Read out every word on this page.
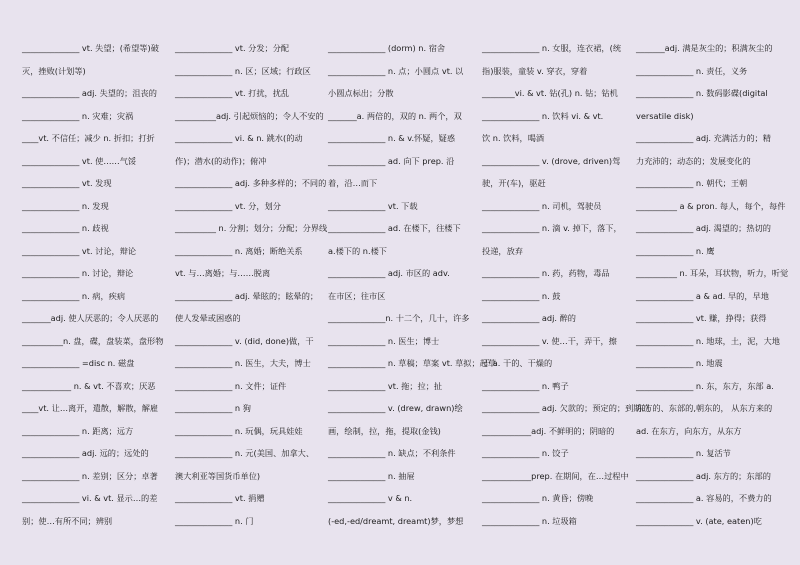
______________ vt. 失望；(希望等)破
灭，挫败(计划等)
______________ adj. 失望的；沮丧的
______________ n. 灾难；灾祸
____vt. 不信任；减少 n. 折扣；打折
______________ vt. 使……气馁
______________ vt. 发现
______________ n. 发现
______________ n. 歧视
______________ vt. 讨论，辩论
______________ n. 讨论，辩论
______________ n. 病，疾病
_______adj. 使人厌恶的；令人厌恶的
__________n. 盘，碟，盘装菜，盘形物
______________ =disc n. 磁盘
____________ n. & vt. 不喜欢；厌恶
____vt. 让…离开，遣散，解散，解雇
______________ n. 距离；远方
______________ adj. 远的；远处的
______________ n. 差别；区分；卓著
______________ vi. & vt. 显示…的差
别；使…有所不同；辨别
______________ vt. 分发；分配
______________ n. 区；区域；行政区
______________ vt. 打扰，扰乱
__________adj. 引起烦恼的；令人不安的
______________ vi. & n. 跳水(的动
作)；潜水(的动作)；俯冲
______________ adj. 多种多样的；不同的
______________ vt. 分，划分
__________ n. 分割；划分；分配；分界线
______________ n. 离婚；断绝关系
vt. 与…离婚；与……脱离
______________ adj. 晕眩的；眩晕的；
使人发晕或困惑的
______________ v. (did, done)做，干
______________ n. 医生，大夫，博士
______________ n. 文件；证件
______________ n 狗
______________ n. 玩偶，玩具娃娃
______________ n. 元(美国、加拿大、
澳大利亚等国货币单位)
______________ vt. 捐赠
______________ n. 门
______________ (dorm) n. 宿舍
______________ n. 点；小圆点 vt. 以
小圆点标出；分散
_______a. 两倍的，双的 n. 两个，双
______________ n. & v.怀疑，疑惑
______________ ad. 向下 prep. 沿
着，沿…而下
______________ vt. 下载
______________ ad. 在楼下，往楼下
a.楼下的 n.楼下
______________ adj. 市区的 adv.
在市区；往市区
______________n. 十二个，几十，许多
______________ n. 医生；博士
______________ n. 草稿；草案 vt. 草拟；起草
______________ vt. 拖；拉；扯
______________ v. (drew, drawn)绘
画，绘制，拉，拖，提取(金钱)
______________ n. 缺点；不利条件
______________ n. 抽屉
______________ v & n.
(-ed,-ed/dreamt, dreamt)梦，梦想
______________ n. 女服，连衣裙，(统
指)服装，童装 v. 穿衣，穿着
________vi. & vt. 钻(孔) n. 钻；钻机
______________ n. 饮料 vi. & vt.
饮 n. 饮料，喝酒
______________ v. (drove, driven)驾
驶，开(车)，驱赶
______________ n. 司机，驾驶员
______________ n. 滴 v. 掉下，落下，
投递，放弃
______________ n. 药，药物，毒品
______________ n. 鼓
______________ adj. 醉的
______________ v. 使…干，弄干，擦
干 a. 干的、干燥的
______________ n. 鸭子
______________ adj. 欠款的；预定的；到期的
____________adj. 不鲜明的；阴暗的
______________ n. 饺子
____________prep. 在期间，在…过程中
______________ n. 黄昏；傍晚
______________ n. 垃圾箱
_______adj. 满是灰尘的；积满灰尘的
______________ n. 责任，义务
______________ n. 数码影碟(digital
versatile disk)
______________ adj. 充满活力的；精
力充沛的；动态的；发展变化的
______________ n. 朝代；王朝
__________ a & pron. 每人，每个，每件
______________ adj. 渴望的；热切的
______________ n. 鹰
__________ n. 耳朵，耳状物，听力，听觉
______________ a & ad. 早的，早地
______________ vt. 赚，挣得；获得
______________ n. 地球，土，泥，大地
______________ n. 地震
______________ n. 东，东方，东部 a.
东方的、东部的,朝东的， 从东方来的
ad. 在东方，向东方，从东方
______________ n. 复活节
______________ adj. 东方的；东部的
______________ a. 容易的，不费力的
______________ v. (ate, eaten)吃
